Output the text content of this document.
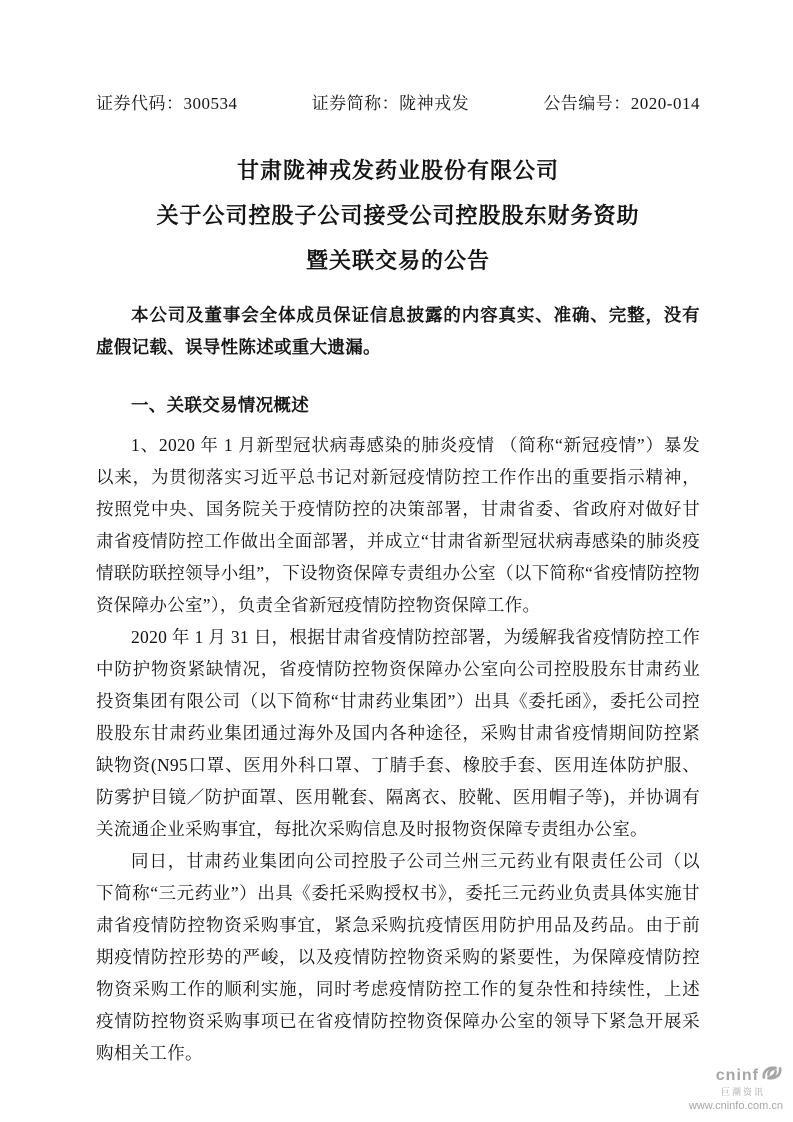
证券代码：300534	证券简称：陇神戎发	公告编号：2020-014
甘肃陇神戎发药业股份有限公司
关于公司控股子公司接受公司控股股东财务资助
暨关联交易的公告

本公司及董事会全体成员保证信息披露的内容真实、准确、完整，没有虚假记载、误导性陈述或重大遗漏。

一、关联交易情况概述

1、2020 年 1 月新型冠状病毒感染的肺炎疫情 （简称“新冠疫情”）暴发以来，为贯彻落实习近平总书记对新冠疫情防控工作作出的重要指示精神，按照党中央、国务院关于疫情防控的决策部署，甘肃省委、省政府对做好甘肃省疫情防控工作做出全面部署，并成立“甘肃省新型冠状病毒感染的肺炎疫情联防联控领导小组”，下设物资保障专责组办公室（以下简称“省疫情防控物资保障办公室”），负责全省新冠疫情防控物资保障工作。

2020 年 1 月 31 日，根据甘肃省疫情防控部署，为缓解我省疫情防控工作中防护物资紧缺情况，省疫情防控物资保障办公室向公司控股股东甘肃药业投资集团有限公司（以下简称“甘肃药业集团”）出具《委托函》，委托公司控股股东甘肃药业集团通过海外及国内各种途径，采购甘肃省疫情期间防控紧缺物资(N95口罩、医用外科口罩、丁腈手套、橡胶手套、医用连体防护服、防雾护目镜／防护面罩、医用靴套、隔离衣、胶靴、医用帽子等)，并协调有关流通企业采购事宜，每批次采购信息及时报物资保障专责组办公室。

同日，甘肃药业集团向公司控股子公司兰州三元药业有限责任公司（以下简称“三元药业”）出具《委托采购授权书》，委托三元药业负责具体实施甘肃省疫情防控物资采购事宜，紧急采购抗疫情医用防护用品及药品。由于前期疫情防控形势的严峻，以及疫情防控物资采购的紧要性，为保障疫情防控物资采购工作的顺利实施，同时考虑疫情防控工作的复杂性和持续性，上述疫情防控物资采购事项已在省疫情防控物资保障办公室的领导下紧急开展采购相关工作。

cninf
巨潮资讯
www.cninfo.com.cn
